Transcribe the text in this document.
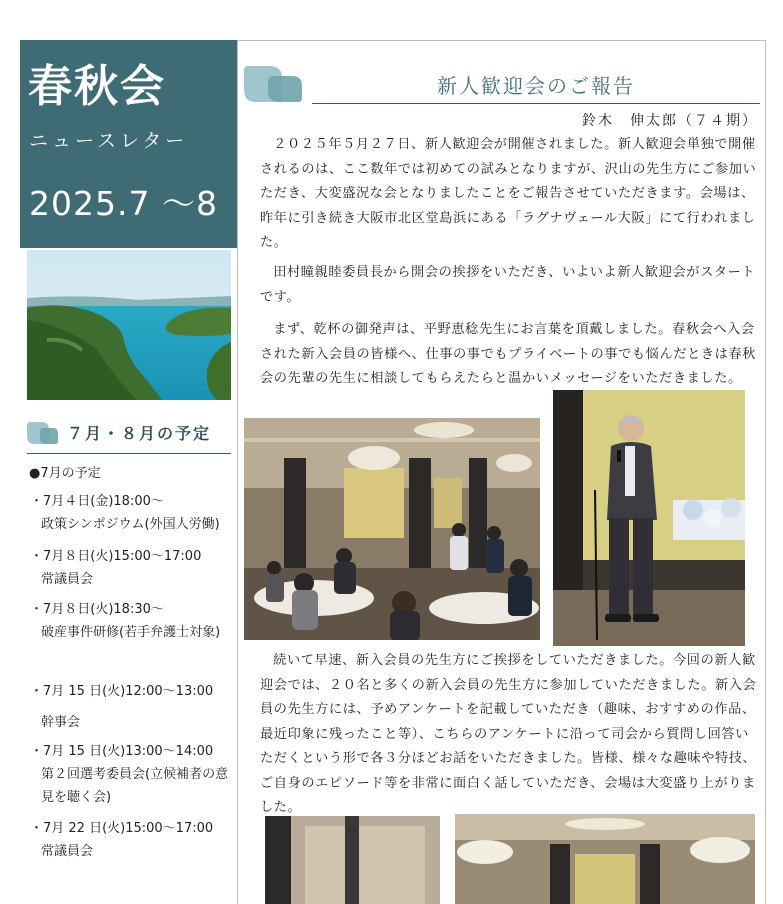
春秋会
ニュースレター
2025.7 〜8
７月・８月の予定
●7月の予定
・7月４日(金)18:00〜
政策シンポジウム(外国人労働)
・7月８日(火)15:00〜17:00
常議員会
・7月８日(火)18:30〜
破産事件研修(若手弁護士対象)
・7月 15 日(火)12:00〜13:00
幹事会
・7月 15 日(火)13:00〜14:00
第２回選考委員会(立候補者の意見を聴く会)
・7月 22 日(火)15:00〜17:00
常議員会
新人歓迎会のご報告
鈴木　伸太郎（７４期）

２０２５年５月２７日、新人歓迎会が開催されました。新人歓迎会単独で開催されるのは、ここ数年では初めての試みとなりますが、沢山の先生方にご参加いただき、大変盛況な会となりましたことをご報告させていただきます。会場は、昨年に引き続き大阪市北区堂島浜にある「ラグナヴェール大阪」にて行われました。

田村瞳親睦委員長から開会の挨拶をいただき、いよいよ新人歓迎会がスタートです。

まず、乾杯の御発声は、平野恵稔先生にお言葉を頂戴しました。春秋会へ入会された新入会員の皆様へ、仕事の事でもプライベートの事でも悩んだときは春秋会の先輩の先生に相談してもらえたらと温かいメッセージをいただきました。

続いて早速、新入会員の先生方にご挨拶をしていただきました。今回の新人歓迎会では、２０名と多くの新入会員の先生方に参加していただきました。新入会員の先生方には、予めアンケートを記載していただき（趣味、おすすめの作品、最近印象に残ったこと等）、こちらのアンケートに沿って司会から質問し回答いただくという形で各３分ほどお話をいただきました。皆様、様々な趣味や特技、ご自身のエピソード等を非常に面白く話していただき、会場は大変盛り上がりました。
